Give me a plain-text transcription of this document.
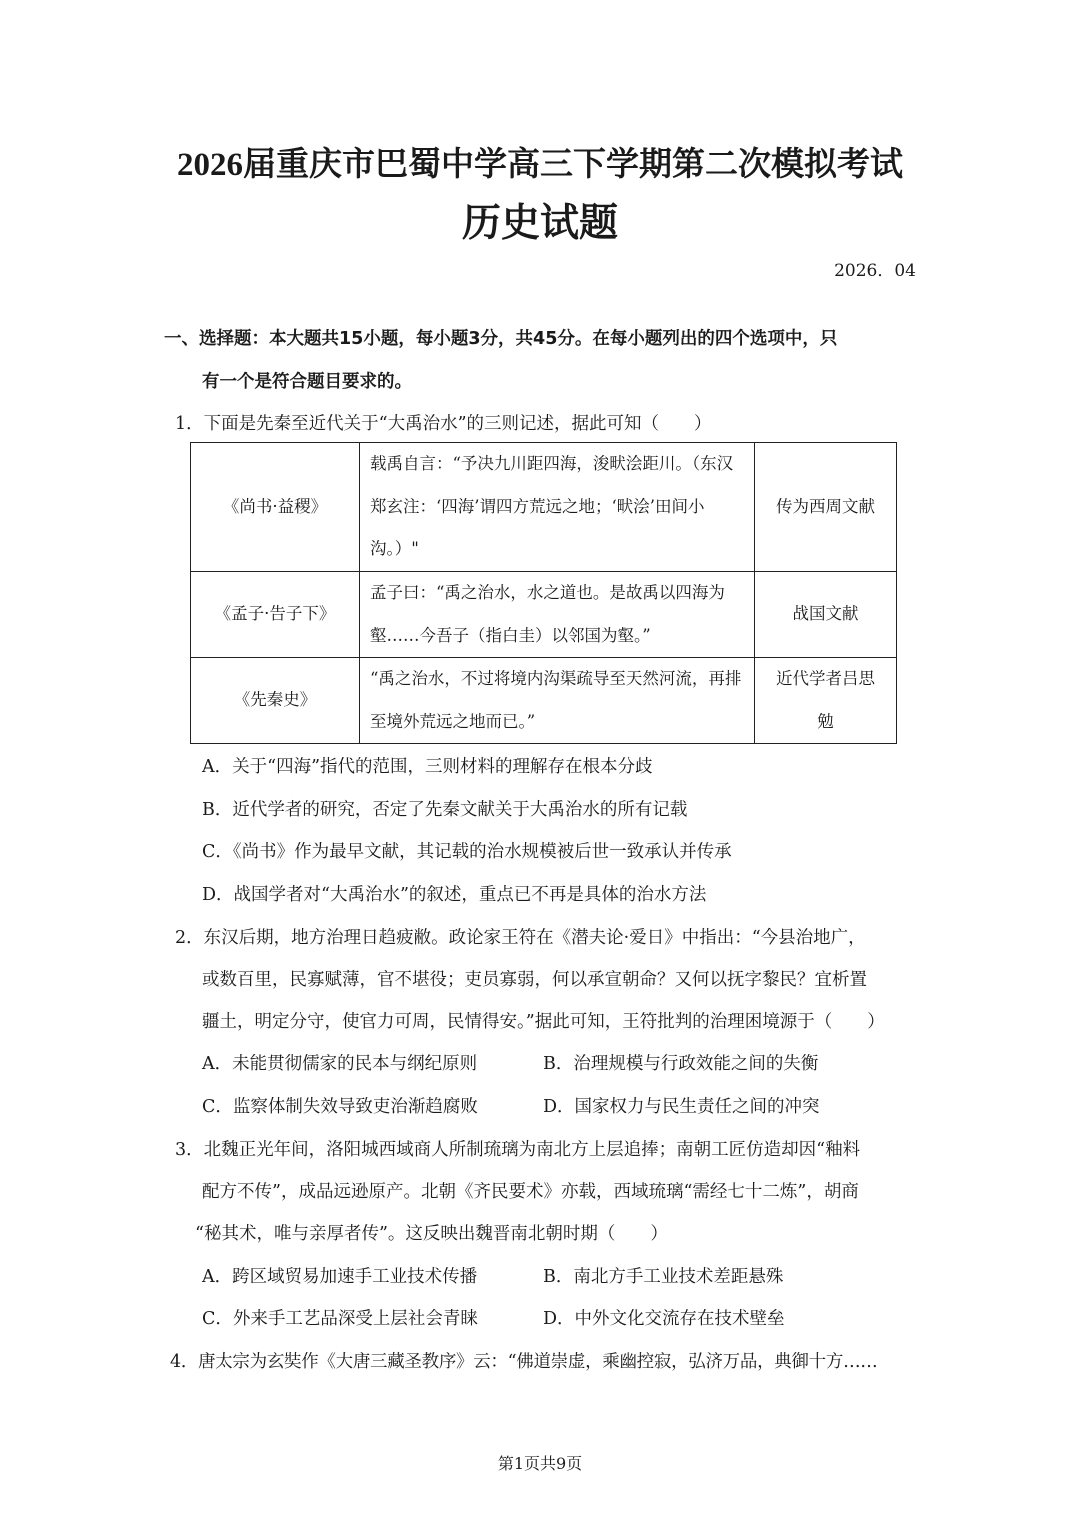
2026届重庆市巴蜀中学高三下学期第二次模拟考试
历史试题
2026．04
一、选择题：本大题共15小题，每小题3分，共45分。在每小题列出的四个选项中，只
有一个是符合题目要求的。
1．下面是先秦至近代关于“大禹治水”的三则记述，据此可知（　　）
《尚书·益稷》	载禹自言：“予决九川距四海，浚畎浍距川。（东汉郑玄注：‘四海’谓四方荒远之地；‘畎浍’田间小沟。）"	传为西周文献
《孟子·告子下》	孟子曰：“禹之治水，水之道也。是故禹以四海为壑……今吾子（指白圭）以邻国为壑。”	战国文献
《先秦史》	“禹之治水，不过将境内沟渠疏导至天然河流，再排至境外荒远之地而已。”	近代学者吕思勉
A．关于“四海”指代的范围，三则材料的理解存在根本分歧
B．近代学者的研究，否定了先秦文献关于大禹治水的所有记载
C．《尚书》作为最早文献，其记载的治水规模被后世一致承认并传承
D．战国学者对“大禹治水”的叙述，重点已不再是具体的治水方法
2．东汉后期，地方治理日趋疲敝。政论家王符在《潜夫论·爱日》中指出：“今县治地广，
或数百里，民寡赋薄，官不堪役；吏员寡弱，何以承宣朝命？又何以抚字黎民？宜析置
疆土，明定分守，使官力可周，民情得安。”据此可知，王符批判的治理困境源于（　　）
A．未能贯彻儒家的民本与纲纪原则	B．治理规模与行政效能之间的失衡
C．监察体制失效导致吏治渐趋腐败	D．国家权力与民生责任之间的冲突
3．北魏正光年间，洛阳城西域商人所制琉璃为南北方上层追捧；南朝工匠仿造却因“釉料
配方不传”，成品远逊原产。北朝《齐民要术》亦载，西域琉璃“需经七十二炼”，胡商
“秘其术，唯与亲厚者传”。这反映出魏晋南北朝时期（　　）
A．跨区域贸易加速手工业技术传播	B．南北方手工业技术差距悬殊
C．外来手工艺品深受上层社会青睐	D．中外文化交流存在技术壁垒
4．唐太宗为玄奘作《大唐三藏圣教序》云：“佛道崇虚，乘幽控寂，弘济万品，典御十方……
第1页共9页
